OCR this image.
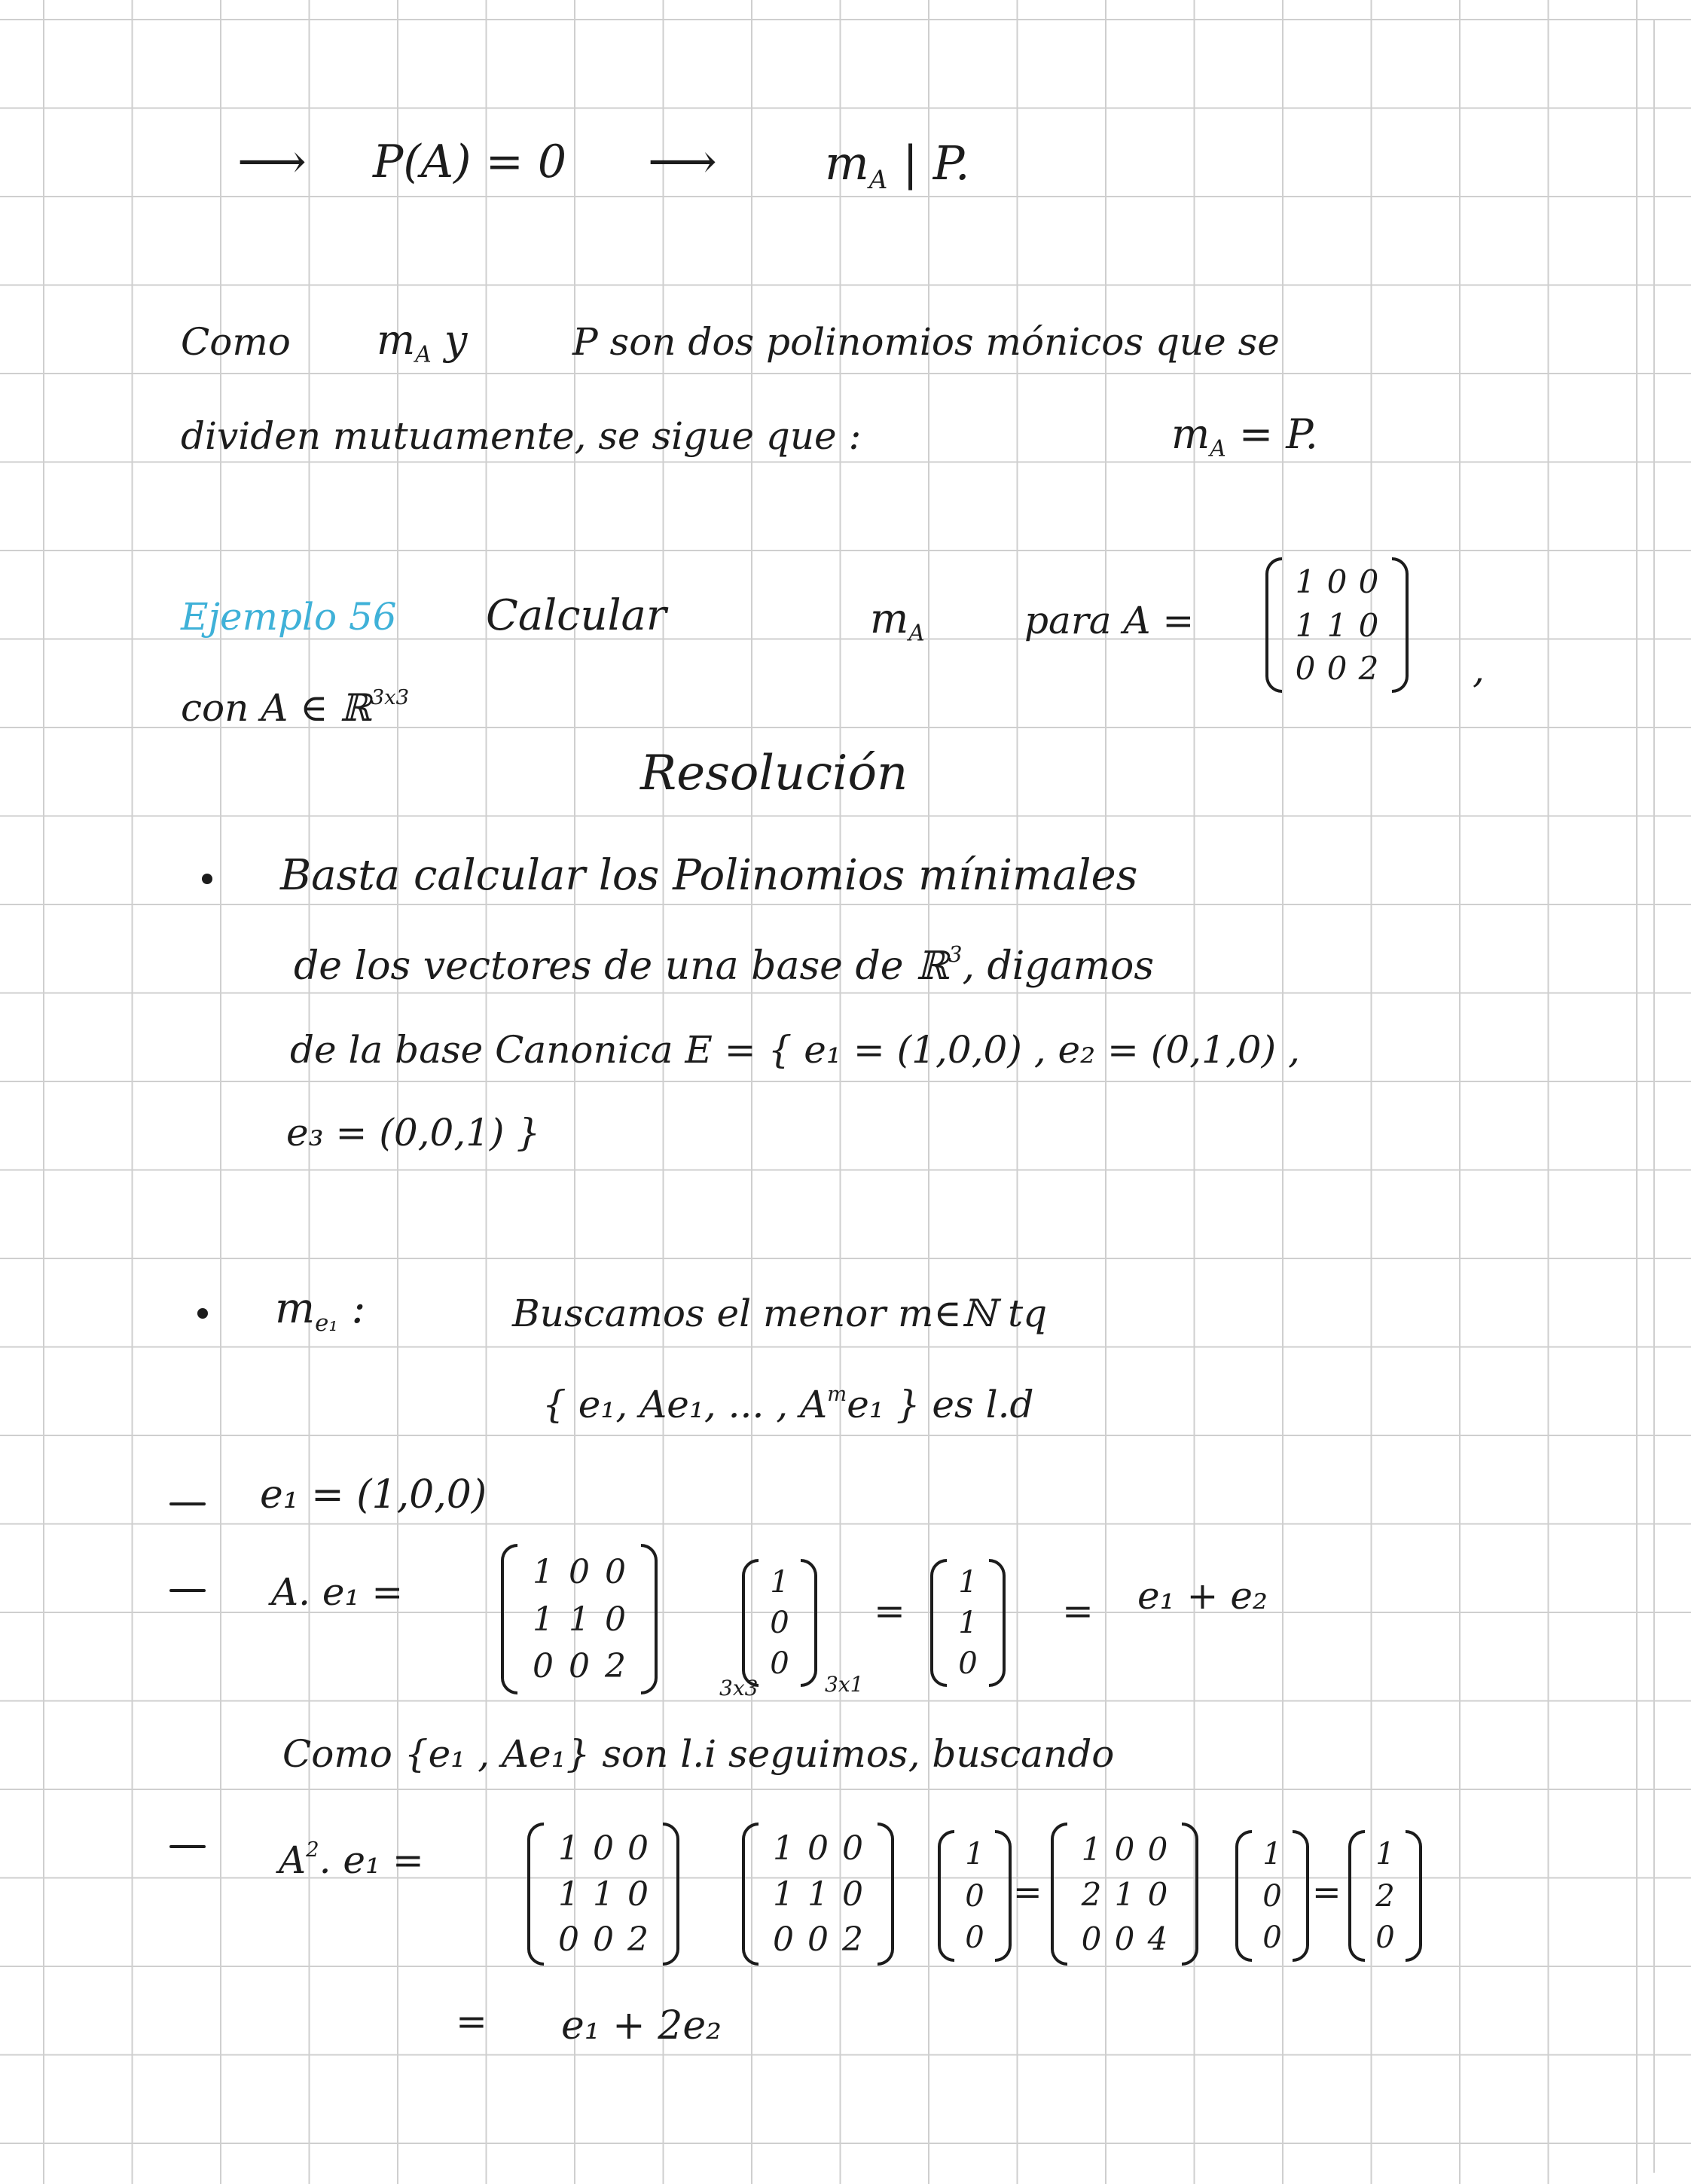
⟶ P(A) = 0 ⟶ $m_A$ | P.
Como $m_A$ y	P son dos polinomios mónicos que se
dividen mutuamente, se sigue que :	$m_A = P$.
Ejemplo 56 Calcular	$m_A$	para A =
1 0 0
1 1 0
0 0 2 ,
con A ∈ ℝ$^{3x3}$
Resolución
Basta calcular los Polinomios mínimales
de los vectores de una base de ℝ$^3$, digamos
de la base Canonica E = { e₁ = (1,0,0) , e₂ = (0,1,0) ,
e₃ = (0,0,1) }
$m_{e_1}$ :	Buscamos el menor m∈ℕ tq
{ e₁, Ae₁, ... , $A^me_1$ } es l.d
e₁ = (1,0,0)
A. e₁ =	1 0 0
1 1 0
0 0 2
3x3
1
0
0
3x1
=
1
1
0
= e₁ + e₂
Como {e₁ , Ae₁} son l.i seguimos, buscando
$A^2$. e₁ =	1 0 0
1 1 0
0 0 2
1 0 0
1 1 0
0 0 2
1
0
0
=
1 0 0
2 1 0
0 0 4
1
0
0
=
1
2
0
= e₁ + 2e₂
